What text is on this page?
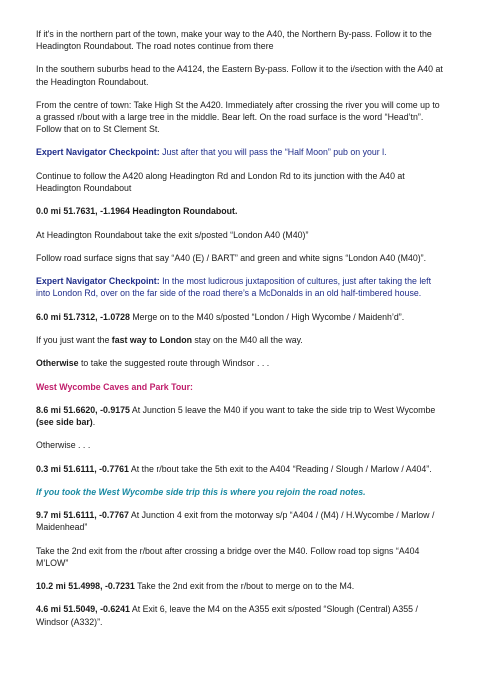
If it's in the northern part of the town, make your way to the A40, the Northern By-pass. Follow it to the Headington Roundabout. The road notes continue from there

In the southern suburbs head to the A4124, the Eastern By-pass. Follow it to the i/section with the A40 at the Headington Roundabout.

From the centre of town: Take High St the A420. Immediately after crossing the river you will come up to a grassed r/bout with a large tree in the middle. Bear left. On the road surface is the word “Head’tn”. Follow that on to St Clement St.

Expert Navigator Checkpoint: Just after that you will pass the “Half Moon” pub on your l.

Continue to follow the A420 along Headington Rd and London Rd to its junction with the A40 at Headington Roundabout

0.0 mi 51.7631, -1.1964 Headington Roundabout.

At Headington Roundabout take the exit s/posted “London A40 (M40)”

Follow road surface signs that say “A40 (E) / BART” and green and white signs “London A40 (M40)”.

Expert Navigator Checkpoint: In the most ludicrous juxtaposition of cultures, just after taking the left into London Rd, over on the far side of the road there’s a McDonalds in an old half-timbered house.

6.0 mi 51.7312, -1.0728 Merge on to the M40 s/posted “London / High Wycombe / Maidenh’d”.

If you just want the fast way to London stay on the M40 all the way.

Otherwise to take the suggested route through Windsor . . .

West Wycombe Caves and Park Tour:

8.6 mi 51.6620, -0.9175 At Junction 5 leave the M40 if you want to take the side trip to West Wycombe (see side bar).

Otherwise . . .

0.3 mi 51.6111, -0.7761 At the r/bout take the 5th exit to the A404 “Reading / Slough / Marlow / A404”.

If you took the West Wycombe side trip this is where you rejoin the road notes.

9.7 mi 51.6111, -0.7767 At Junction 4 exit from the motorway s/p “A404 / (M4) / H.Wycombe / Marlow / Maidenhead”

Take the 2nd exit from the r/bout after crossing a bridge over the M40. Follow road top signs “A404 M’LOW”

10.2 mi 51.4998, -0.7231 Take the 2nd exit from the r/bout to merge on to the M4.

4.6 mi 51.5049, -0.6241 At Exit 6, leave the M4 on the A355 exit s/posted “Slough (Central) A355 / Windsor (A332)”.
